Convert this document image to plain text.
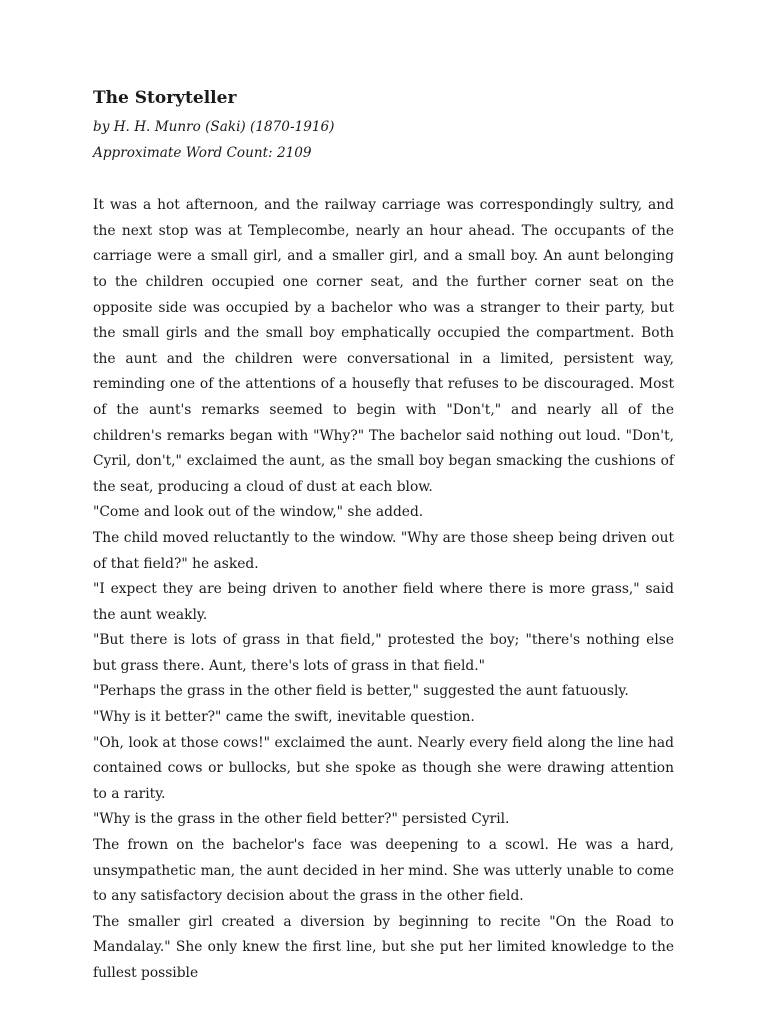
The Storyteller

by H. H. Munro (Saki) (1870-1916)

Approximate Word Count: 2109

It was a hot afternoon, and the railway carriage was correspondingly sultry, and the next stop was at Templecombe, nearly an hour ahead. The occupants of the carriage were a small girl, and a smaller girl, and a small boy. An aunt belonging to the children occupied one corner seat, and the further corner seat on the opposite side was occupied by a bachelor who was a stranger to their party, but the small girls and the small boy emphatically occupied the compartment. Both the aunt and the children were conversational in a limited, persistent way, reminding one of the attentions of a housefly that refuses to be discouraged. Most of the aunt's remarks seemed to begin with "Don't," and nearly all of the children's remarks began with "Why?" The bachelor said nothing out loud. "Don't, Cyril, don't," exclaimed the aunt, as the small boy began smacking the cushions of the seat, producing a cloud of dust at each blow.

"Come and look out of the window," she added.

The child moved reluctantly to the window. "Why are those sheep being driven out of that field?" he asked.

"I expect they are being driven to another field where there is more grass," said the aunt weakly.

"But there is lots of grass in that field," protested the boy; "there's nothing else but grass there. Aunt, there's lots of grass in that field."

"Perhaps the grass in the other field is better," suggested the aunt fatuously.

"Why is it better?" came the swift, inevitable question.

"Oh, look at those cows!" exclaimed the aunt. Nearly every field along the line had contained cows or bullocks, but she spoke as though she were drawing attention to a rarity.

"Why is the grass in the other field better?" persisted Cyril.

The frown on the bachelor's face was deepening to a scowl. He was a hard, unsympathetic man, the aunt decided in her mind. She was utterly unable to come to any satisfactory decision about the grass in the other field.

The smaller girl created a diversion by beginning to recite "On the Road to Mandalay." She only knew the first line, but she put her limited knowledge to the fullest possible
